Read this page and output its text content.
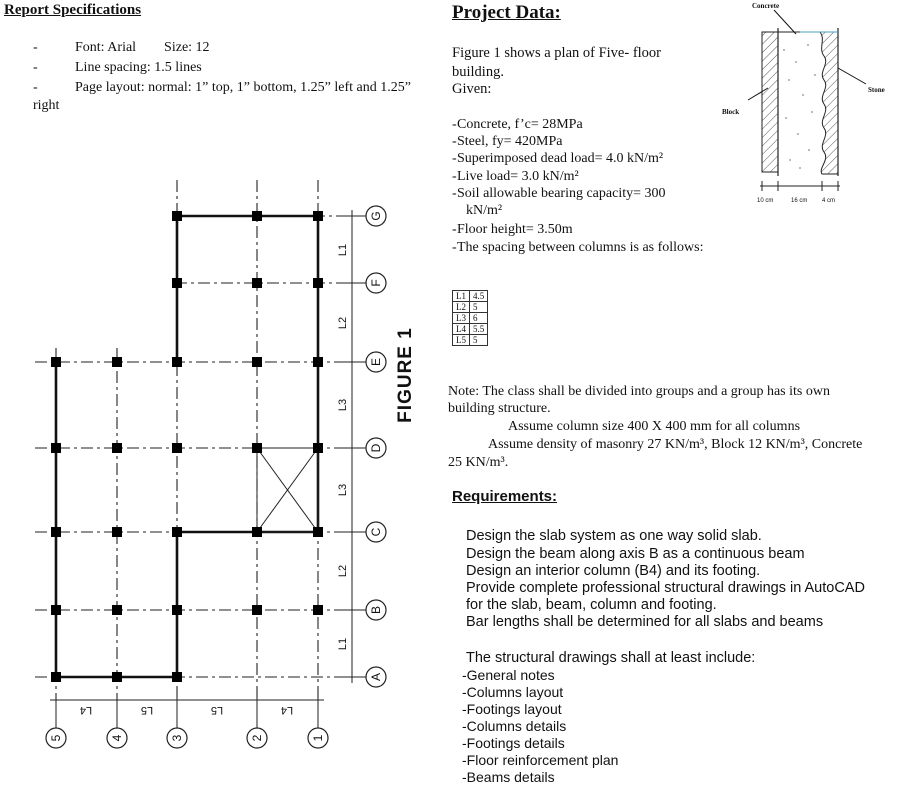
Report Specifications
-	Font: Arial        Size: 12
-	Line spacing: 1.5 lines
-	Page layout: normal: 1” top, 1” bottom, 1.25” left and 1.25”
right
G
F
E
D
C
B
A
L1
L2
L3
L3
L2
L1
L4	L5	L5	L4
5	4	3	2	1
FIGURE 1
Project Data:
Figure 1 shows a plan of Five- floor
building.
Given:
-Concrete, f’c= 28MPa
-Steel, fy= 420MPa
-Superimposed dead load= 4.0 kN/m²
-Live load= 3.0 kN/m²
-Soil allowable bearing capacity= 300
kN/m²
-Floor height= 3.50m
-The spacing between columns is as follows:
L1	4.5
L2	5
L3	6
L4	5.5
L5	5
Note: The class shall be divided into groups and a group has its own
building structure.
Assume column size 400 X 400 mm for all columns
Assume density of masonry 27 KN/m³, Block 12 KN/m³, Concrete
25 KN/m³.
Requirements:
Design the slab system as one way solid slab.
Design the beam along axis B as a continuous beam
Design an interior column (B4) and its footing.
Provide complete professional structural drawings in AutoCAD
for the slab, beam, column and footing.
Bar lengths shall be determined for all slabs and beams
The structural drawings shall at least include:
-General notes
-Columns layout
-Footings layout
-Columns details
-Footings details
-Floor reinforcement plan
-Beams details
Concrete
Block
Stone
10 cm	16 cm 4 cm
